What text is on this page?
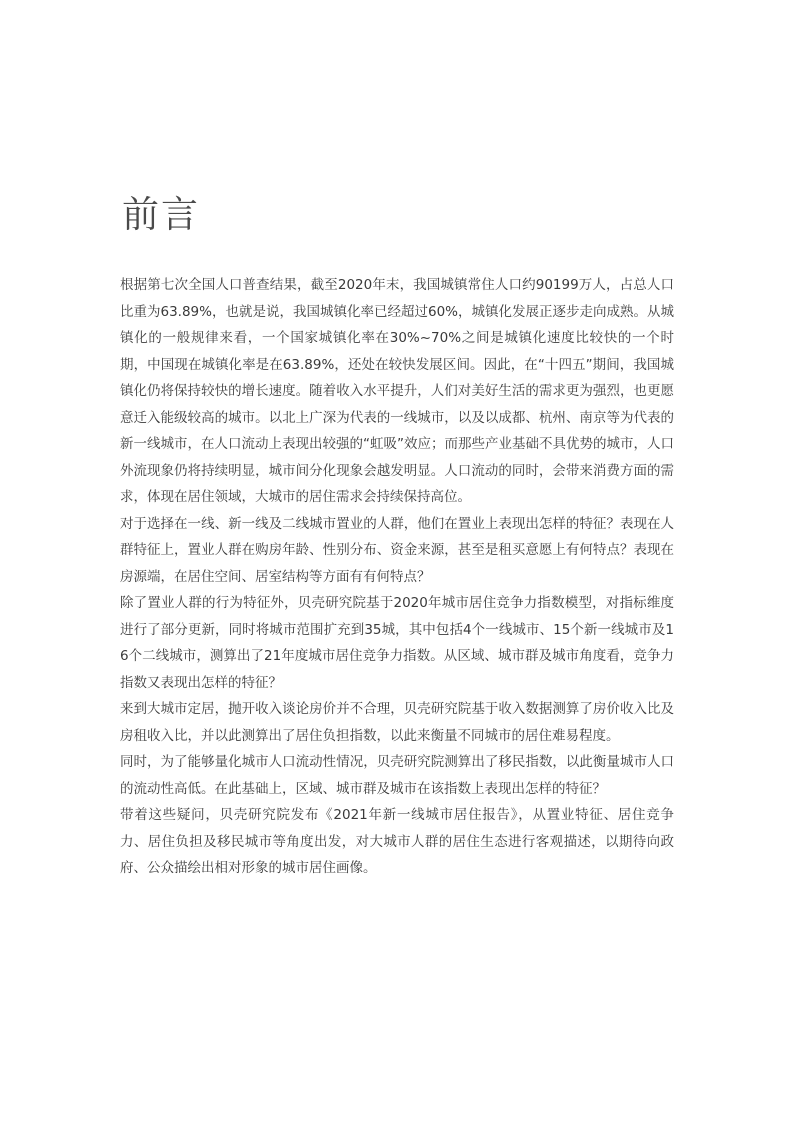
前言

根据第七次全国人口普查结果，截至2020年末，我国城镇常住人口约90199万人，占总人口比重为63.89%，也就是说，我国城镇化率已经超过60%，城镇化发展正逐步走向成熟。从城镇化的一般规律来看，一个国家城镇化率在30%~70%之间是城镇化速度比较快的一个时期，中国现在城镇化率是在63.89%，还处在较快发展区间。因此，在“十四五”期间，我国城镇化仍将保持较快的增长速度。随着收入水平提升，人们对美好生活的需求更为强烈，也更愿意迁入能级较高的城市。以北上广深为代表的一线城市，以及以成都、杭州、南京等为代表的新一线城市，在人口流动上表现出较强的“虹吸”效应；而那些产业基础不具优势的城市，人口外流现象仍将持续明显，城市间分化现象会越发明显。人口流动的同时，会带来消费方面的需求，体现在居住领域，大城市的居住需求会持续保持高位。

对于选择在一线、新一线及二线城市置业的人群，他们在置业上表现出怎样的特征？表现在人群特征上，置业人群在购房年龄、性别分布、资金来源，甚至是租买意愿上有何特点？表现在房源端，在居住空间、居室结构等方面有有何特点？

除了置业人群的行为特征外，贝壳研究院基于2020年城市居住竞争力指数模型，对指标维度进行了部分更新，同时将城市范围扩充到35城，其中包括4个一线城市、15个新一线城市及16个二线城市，测算出了21年度城市居住竞争力指数。从区域、城市群及城市角度看，竞争力指数又表现出怎样的特征？

来到大城市定居，抛开收入谈论房价并不合理，贝壳研究院基于收入数据测算了房价收入比及房租收入比，并以此测算出了居住负担指数，以此来衡量不同城市的居住难易程度。

同时，为了能够量化城市人口流动性情况，贝壳研究院测算出了移民指数，以此衡量城市人口的流动性高低。在此基础上，区域、城市群及城市在该指数上表现出怎样的特征？

带着这些疑问，贝壳研究院发布《2021年新一线城市居住报告》，从置业特征、居住竞争力、居住负担及移民城市等角度出发，对大城市人群的居住生态进行客观描述，以期待向政府、公众描绘出相对形象的城市居住画像。
